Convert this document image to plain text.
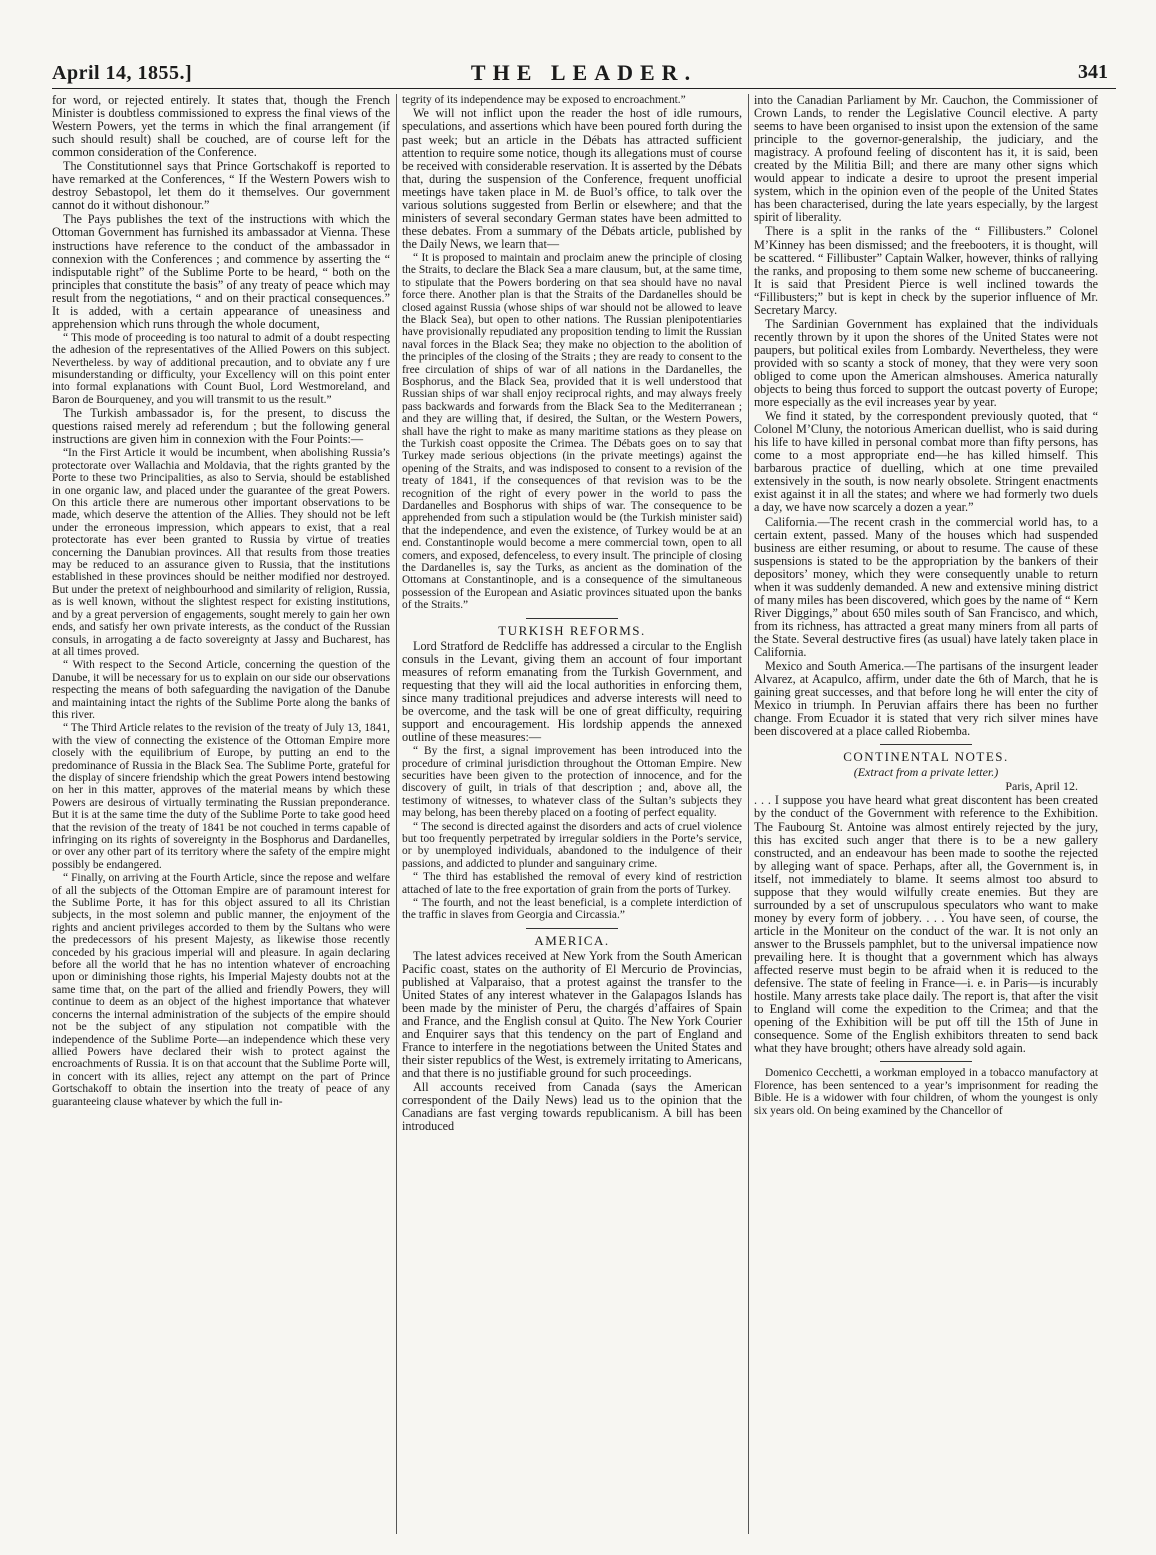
April 14, 1855.]	THE LEADER.	341

for word, or rejected entirely. It states that, though the French Minister is doubtless commissioned to express the final views of the Western Powers, yet the terms in which the final arrangement (if such should result) shall be couched, are of course left for the common consideration of the Conference.

The Constitutionnel says that Prince Gortschakoff is reported to have remarked at the Conferences, “ If the Western Powers wish to destroy Sebastopol, let them do it themselves. Our government cannot do it without dishonour.”

The Pays publishes the text of the instructions with which the Ottoman Government has furnished its ambassador at Vienna. These instructions have reference to the conduct of the ambassador in connexion with the Conferences ; and commence by asserting the “ indisputable right” of the Sublime Porte to be heard, “ both on the principles that constitute the basis” of any treaty of peace which may result from the negotiations, “ and on their practical consequences.” It is added, with a certain appearance of uneasiness and apprehension which runs through the whole document,

“ This mode of proceeding is too natural to admit of a doubt respecting the adhesion of the representatives of the Allied Powers on this subject. Nevertheless. by way of additional precaution, and to obviate any f ure misunderstanding or difficulty, your Excellency will on this point enter into formal explanations with Count Buol, Lord Westmoreland, and Baron de Bourqueney, and you will transmit to us the result.”

The Turkish ambassador is, for the present, to discuss the questions raised merely ad referendum ; but the following general instructions are given him in connexion with the Four Points:—

“In the First Article it would be incumbent, when abolishing Russia’s protectorate over Wallachia and Moldavia, that the rights granted by the Porte to these two Principalities, as also to Servia, should be established in one organic law, and placed under the guarantee of the great Powers. On this article there are numerous other important observations to be made, which deserve the attention of the Allies. They should not be left under the erroneous impression, which appears to exist, that a real protectorate has ever been granted to Russia by virtue of treaties concerning the Danubian provinces. All that results from those treaties may be reduced to an assurance given to Russia, that the institutions established in these provinces should be neither modified nor destroyed. But under the pretext of neighbourhood and similarity of religion, Russia, as is well known, without the slightest respect for existing institutions, and by a great perversion of engagements, sought merely to gain her own ends, and satisfy her own private interests, as the conduct of the Russian consuls, in arrogating a de facto sovereignty at Jassy and Bucharest, has at all times proved.

“ With respect to the Second Article, concerning the question of the Danube, it will be necessary for us to explain on our side our observations respecting the means of both safeguarding the navigation of the Danube and maintaining intact the rights of the Sublime Porte along the banks of this river.

“ The Third Article relates to the revision of the treaty of July 13, 1841, with the view of connecting the existence of the Ottoman Empire more closely with the equilibrium of Europe, by putting an end to the predominance of Russia in the Black Sea. The Sublime Porte, grateful for the display of sincere friendship which the great Powers intend bestowing on her in this matter, approves of the material means by which these Powers are desirous of virtually terminating the Russian preponderance. But it is at the same time the duty of the Sublime Porte to take good heed that the revision of the treaty of 1841 be not couched in terms capable of infringing on its rights of sovereignty in the Bosphorus and Dardanelles, or over any other part of its territory where the safety of the empire might possibly be endangered.

“ Finally, on arriving at the Fourth Article, since the repose and welfare of all the subjects of the Ottoman Empire are of paramount interest for the Sublime Porte, it has for this object assured to all its Christian subjects, in the most solemn and public manner, the enjoyment of the rights and ancient privileges accorded to them by the Sultans who were the predecessors of his present Majesty, as likewise those recently conceded by his gracious imperial will and pleasure. In again declaring before all the world that he has no intention whatever of encroaching upon or diminishing those rights, his Imperial Majesty doubts not at the same time that, on the part of the allied and friendly Powers, they will continue to deem as an object of the highest importance that whatever concerns the internal administration of the subjects of the empire should not be the subject of any stipulation not compatible with the independence of the Sublime Porte—an independence which these very allied Powers have declared their wish to protect against the encroachments of Russia. It is on that account that the Sublime Porte will, in concert with its allies, reject any attempt on the part of Prince Gortschakoff to obtain the insertion into the treaty of peace of any guaranteeing clause whatever by which the full in-

tegrity of its independence may be exposed to encroachment.”

We will not inflict upon the reader the host of idle rumours, speculations, and assertions which have been poured forth during the past week; but an article in the Débats has attracted sufficient attention to require some notice, though its allegations must of course be received with considerable reservation. It is asserted by the Débats that, during the suspension of the Conference, frequent unofficial meetings have taken place in M. de Buol’s office, to talk over the various solutions suggested from Berlin or elsewhere; and that the ministers of several secondary German states have been admitted to these debates. From a summary of the Débats article, published by the Daily News, we learn that—

“ It is proposed to maintain and proclaim anew the principle of closing the Straits, to declare the Black Sea a mare clausum, but, at the same time, to stipulate that the Powers bordering on that sea should have no naval force there. Another plan is that the Straits of the Dardanelles should be closed against Russia (whose ships of war should not be allowed to leave the Black Sea), but open to other nations. The Russian plenipotentiaries have provisionally repudiated any proposition tending to limit the Russian naval forces in the Black Sea; they make no objection to the abolition of the principles of the closing of the Straits ; they are ready to consent to the free circulation of ships of war of all nations in the Dardanelles, the Bosphorus, and the Black Sea, provided that it is well understood that Russian ships of war shall enjoy reciprocal rights, and may always freely pass backwards and forwards from the Black Sea to the Mediterranean ; and they are willing that, if desired, the Sultan, or the Western Powers, shall have the right to make as many maritime stations as they please on the Turkish coast opposite the Crimea. The Débats goes on to say that Turkey made serious objections (in the private meetings) against the opening of the Straits, and was indisposed to consent to a revision of the treaty of 1841, if the consequences of that revision was to be the recognition of the right of every power in the world to pass the Dardanelles and Bosphorus with ships of war. The consequence to be apprehended from such a stipulation would be (the Turkish minister said) that the independence, and even the existence, of Turkey would be at an end. Constantinople would become a mere commercial town, open to all comers, and exposed, defenceless, to every insult. The principle of closing the Dardanelles is, say the Turks, as ancient as the domination of the Ottomans at Constantinople, and is a consequence of the simultaneous possession of the European and Asiatic provinces situated upon the banks of the Straits.”

TURKISH REFORMS.

Lord Stratford de Redcliffe has addressed a circular to the English consuls in the Levant, giving them an account of four important measures of reform emanating from the Turkish Government, and requesting that they will aid the local authorities in enforcing them, since many traditional prejudices and adverse interests will need to be overcome, and the task will be one of great difficulty, requiring support and encouragement. His lordship appends the annexed outline of these measures:—

“ By the first, a signal improvement has been introduced into the procedure of criminal jurisdiction throughout the Ottoman Empire. New securities have been given to the protection of innocence, and for the discovery of guilt, in trials of that description ; and, above all, the testimony of witnesses, to whatever class of the Sultan’s subjects they may belong, has been thereby placed on a footing of perfect equality.

“ The second is directed against the disorders and acts of cruel violence but too frequently perpetrated by irregular soldiers in the Porte’s service, or by unemployed individuals, abandoned to the indulgence of their passions, and addicted to plunder and sanguinary crime.

“ The third has established the removal of every kind of restriction attached of late to the free exportation of grain from the ports of Turkey.

“ The fourth, and not the least beneficial, is a complete interdiction of the traffic in slaves from Georgia and Circassia.”

AMERICA.

The latest advices received at New York from the South American Pacific coast, states on the authority of El Mercurio de Provincias, published at Valparaiso, that a protest against the transfer to the United States of any interest whatever in the Galapagos Islands has been made by the minister of Peru, the chargés d’affaires of Spain and France, and the English consul at Quito. The New York Courier and Enquirer says that this tendency on the part of England and France to interfere in the negotiations between the United States and their sister republics of the West, is extremely irritating to Americans, and that there is no justifiable ground for such proceedings.

All accounts received from Canada (says the American correspondent of the Daily News) lead us to the opinion that the Canadians are fast verging towards republicanism. A bill has been introduced

into the Canadian Parliament by Mr. Cauchon, the Commissioner of Crown Lands, to render the Legislative Council elective. A party seems to have been organised to insist upon the extension of the same principle to the governor-generalship, the judiciary, and the magistracy. A profound feeling of discontent has it, it is said, been created by the Militia Bill; and there are many other signs which would appear to indicate a desire to uproot the present imperial system, which in the opinion even of the people of the United States has been characterised, during the late years especially, by the largest spirit of liberality.

There is a split in the ranks of the “ Fillibusters.” Colonel M’Kinney has been dismissed; and the freebooters, it is thought, will be scattered. “ Fillibuster” Captain Walker, however, thinks of rallying the ranks, and proposing to them some new scheme of buccaneering. It is said that President Pierce is well inclined towards the “Fillibusters;” but is kept in check by the superior influence of Mr. Secretary Marcy.

The Sardinian Government has explained that the individuals recently thrown by it upon the shores of the United States were not paupers, but political exiles from Lombardy. Nevertheless, they were provided with so scanty a stock of money, that they were very soon obliged to come upon the American almshouses. America naturally objects to being thus forced to support the outcast poverty of Europe; more especially as the evil increases year by year.

We find it stated, by the correspondent previously quoted, that “ Colonel M’Cluny, the notorious American duellist, who is said during his life to have killed in personal combat more than fifty persons, has come to a most appropriate end—he has killed himself. This barbarous practice of duelling, which at one time prevailed extensively in the south, is now nearly obsolete. Stringent enactments exist against it in all the states; and where we had formerly two duels a day, we have now scarcely a dozen a year.”

California.—The recent crash in the commercial world has, to a certain extent, passed. Many of the houses which had suspended business are either resuming, or about to resume. The cause of these suspensions is stated to be the appropriation by the bankers of their depositors’ money, which they were consequently unable to return when it was suddenly demanded. A new and extensive mining district of many miles has been discovered, which goes by the name of “ Kern River Diggings,” about 650 miles south of San Francisco, and which, from its richness, has attracted a great many miners from all parts of the State. Several destructive fires (as usual) have lately taken place in California.

Mexico and South America.—The partisans of the insurgent leader Alvarez, at Acapulco, affirm, under date the 6th of March, that he is gaining great successes, and that before long he will enter the city of Mexico in triumph. In Peruvian affairs there has been no further change. From Ecuador it is stated that very rich silver mines have been discovered at a place called Riobemba.

CONTINENTAL NOTES.

(Extract from a private letter.)

Paris, April 12.

. . . I suppose you have heard what great discontent has been created by the conduct of the Government with reference to the Exhibition. The Faubourg St. Antoine was almost entirely rejected by the jury, this has excited such anger that there is to be a new gallery constructed, and an endeavour has been made to soothe the rejected by alleging want of space. Perhaps, after all, the Government is, in itself, not immediately to blame. It seems almost too absurd to suppose that they would wilfully create enemies. But they are surrounded by a set of unscrupulous speculators who want to make money by every form of jobbery. . . . You have seen, of course, the article in the Moniteur on the conduct of the war. It is not only an answer to the Brussels pamphlet, but to the universal impatience now prevailing here. It is thought that a government which has always affected reserve must begin to be afraid when it is reduced to the defensive. The state of feeling in France—i. e. in Paris—is incurably hostile. Many arrests take place daily. The report is, that after the visit to England will come the expedition to the Crimea; and that the opening of the Exhibition will be put off till the 15th of June in consequence. Some of the English exhibitors threaten to send back what they have brought; others have already sold again.

Domenico Cecchetti, a workman employed in a tobacco manufactory at Florence, has been sentenced to a year’s imprisonment for reading the Bible. He is a widower with four children, of whom the youngest is only six years old. On being examined by the Chancellor of
